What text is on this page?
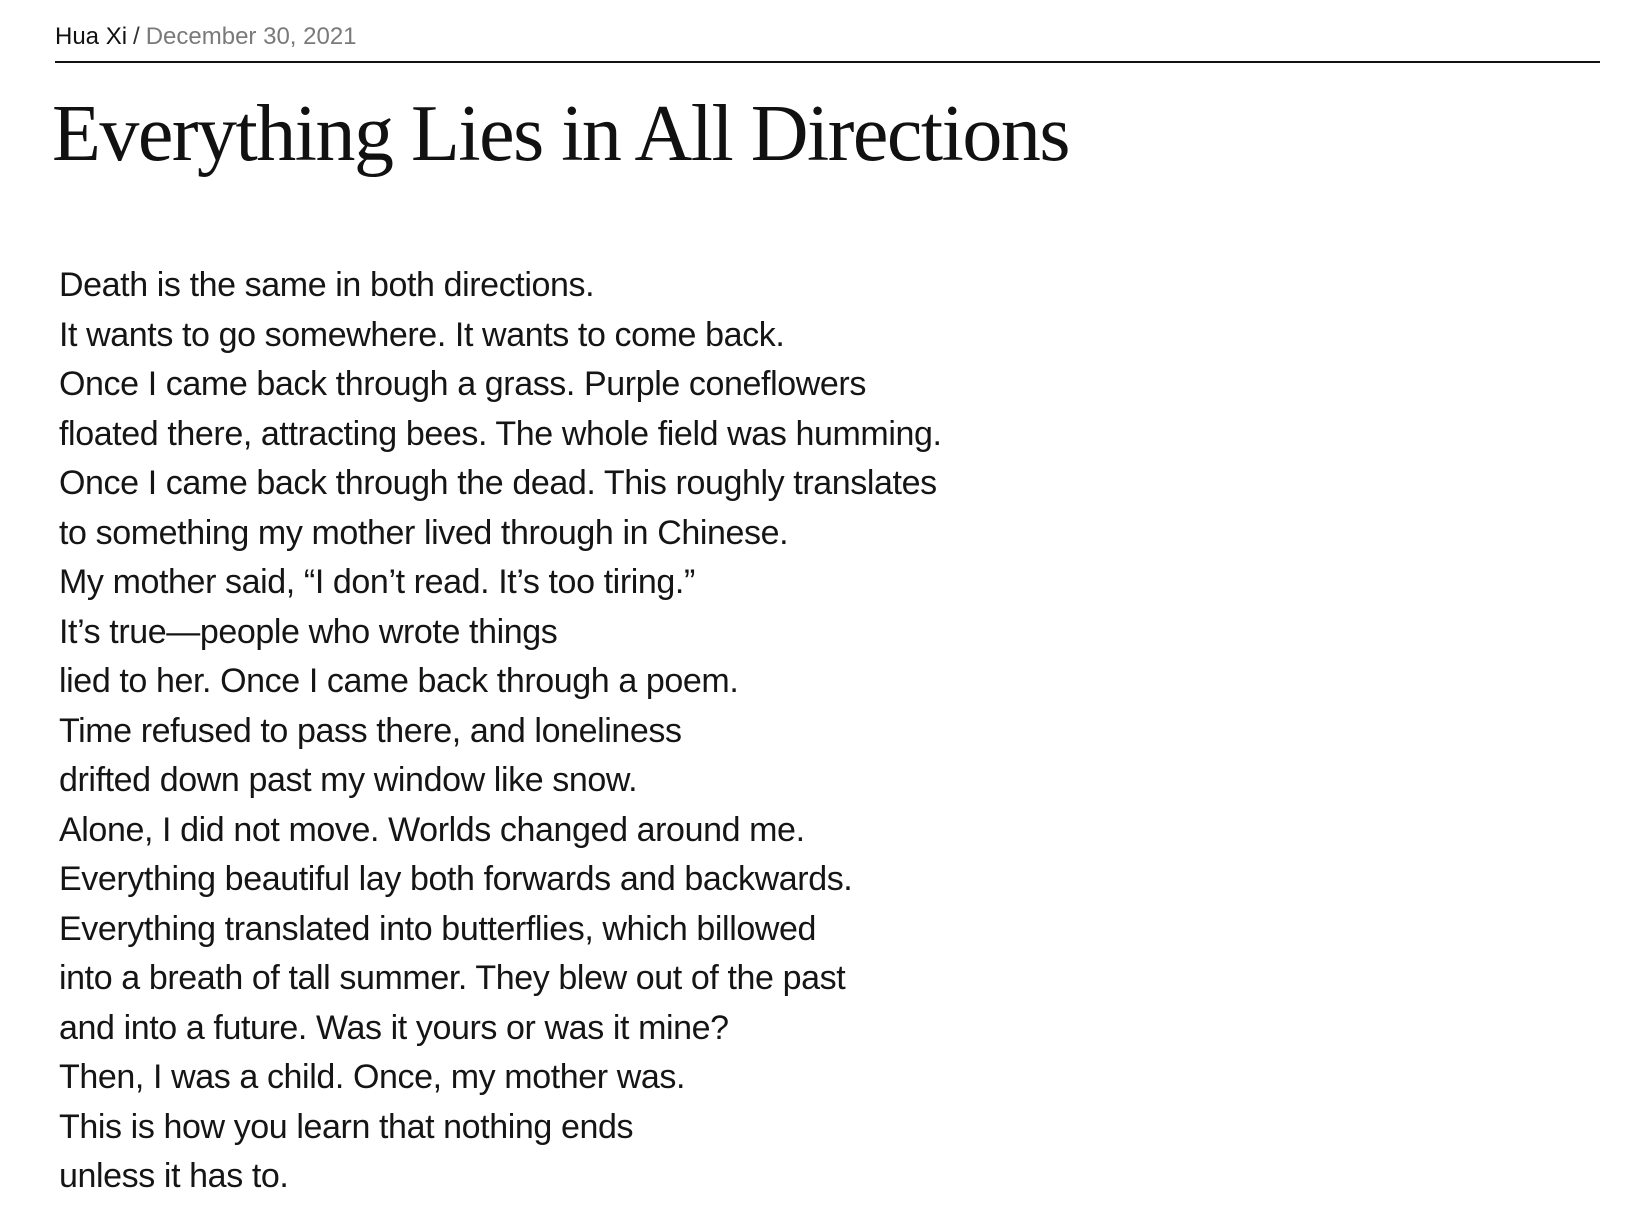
Hua Xi / December 30, 2021
Everything Lies in All Directions
Death is the same in both directions.
It wants to go somewhere. It wants to come back.
Once I came back through a grass. Purple coneflowers
floated there, attracting bees. The whole field was humming.
Once I came back through the dead. This roughly translates
to something my mother lived through in Chinese.
My mother said, “I don’t read. It’s too tiring.”
It’s true—people who wrote things
lied to her. Once I came back through a poem.
Time refused to pass there, and loneliness
drifted down past my window like snow.
Alone, I did not move. Worlds changed around me.
Everything beautiful lay both forwards and backwards.
Everything translated into butterflies, which billowed
into a breath of tall summer. They blew out of the past
and into a future. Was it yours or was it mine?
Then, I was a child. Once, my mother was.
This is how you learn that nothing ends
unless it has to.
